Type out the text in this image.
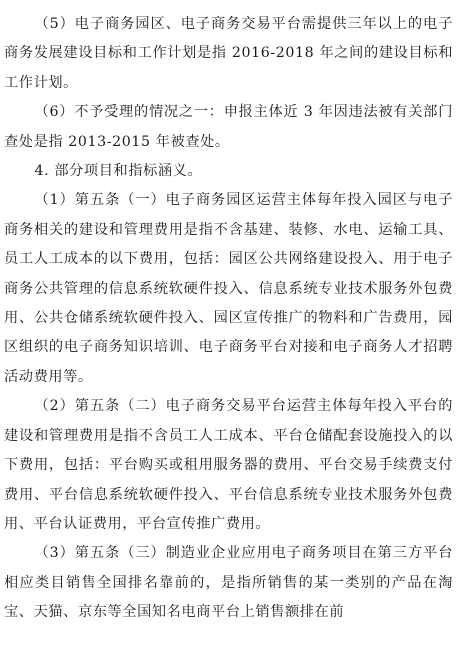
（5）电子商务园区、电子商务交易平台需提供三年以上的电子商务发展建设目标和工作计划是指 2016-2018 年之间的建设目标和工作计划。

（6）不予受理的情况之一：申报主体近 3 年因违法被有关部门查处是指 2013-2015 年被查处。

4. 部分项目和指标涵义。

（1）第五条（一）电子商务园区运营主体每年投入园区与电子商务相关的建设和管理费用是指不含基建、装修、水电、运输工具、员工人工成本的以下费用，包括：园区公共网络建设投入、用于电子商务公共管理的信息系统软硬件投入、信息系统专业技术服务外包费用、公共仓储系统软硬件投入、园区宣传推广的物料和广告费用，园区组织的电子商务知识培训、电子商务平台对接和电子商务人才招聘活动费用等。

（2）第五条（二）电子商务交易平台运营主体每年投入平台的建设和管理费用是指不含员工人工成本、平台仓储配套设施投入的以下费用，包括：平台购买或租用服务器的费用、平台交易手续费支付费用、平台信息系统软硬件投入、平台信息系统专业技术服务外包费用、平台认证费用，平台宣传推广费用。

（3）第五条（三）制造业企业应用电子商务项目在第三方平台相应类目销售全国排名靠前的，是指所销售的某一类别的产品在淘宝、天猫、京东等全国知名电商平台上销售额排在前
